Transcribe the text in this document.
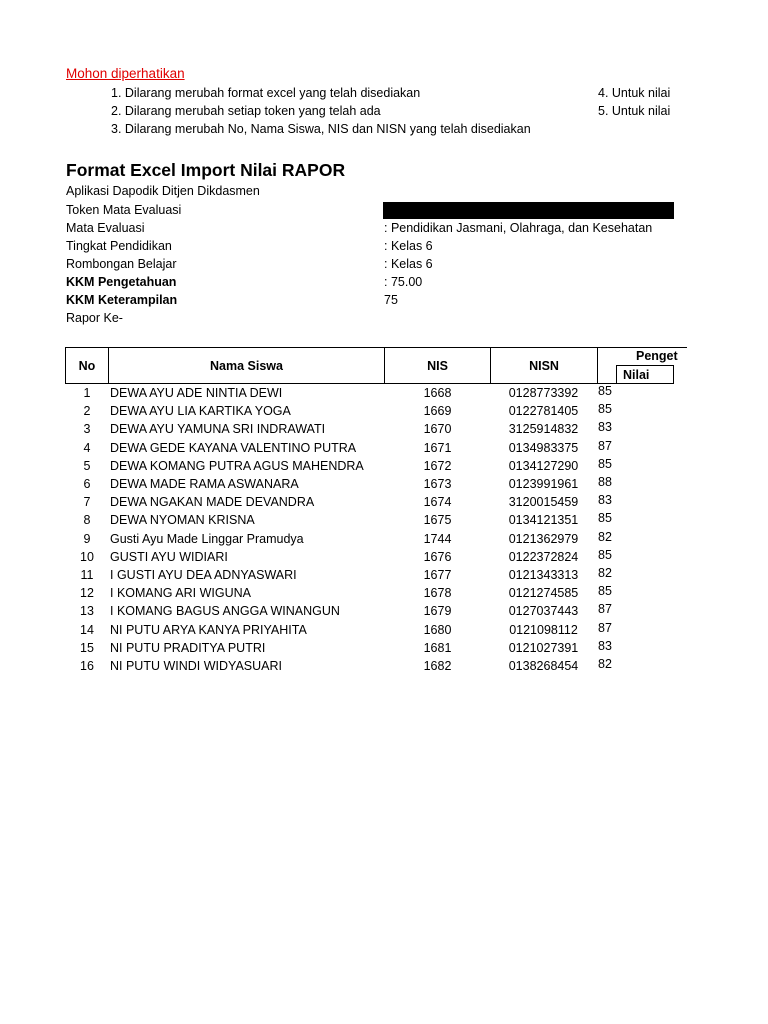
Mohon diperhatikan
1. Dilarang merubah format excel yang telah disediakan
2. Dilarang merubah setiap token yang telah ada
3. Dilarang merubah No, Nama Siswa, NIS dan NISN yang telah disediakan
4. Untuk nilai
5. Untuk nilai
Format Excel Import Nilai RAPOR
Aplikasi Dapodik Ditjen Dikdasmen
Token Mata Evaluasi
Mata Evaluasi	: Pendidikan Jasmani, Olahraga, dan Kesehatan
Tingkat Pendidikan	: Kelas 6
Rombongan Belajar	: Kelas 6
KKM Pengetahuan	: 75.00
KKM Keterampilan	75
Rapor Ke-
No	Nama Siswa	NIS	NISN
Penget
Nilai
1	DEWA AYU ADE NINTIA DEWI	1668	0128773392	85
2	DEWA AYU LIA KARTIKA YOGA	1669	0122781405	85
3	DEWA AYU YAMUNA SRI INDRAWATI	1670	3125914832	83
4	DEWA GEDE KAYANA VALENTINO PUTRA	1671	0134983375	87
5	DEWA KOMANG PUTRA AGUS MAHENDRA	1672	0134127290	85
6	DEWA MADE RAMA ASWANARA	1673	0123991961	88
7	DEWA NGAKAN MADE DEVANDRA	1674	3120015459	83
8	DEWA NYOMAN KRISNA	1675	0134121351	85
9	Gusti Ayu Made Linggar Pramudya	1744	0121362979	82
10	GUSTI AYU WIDIARI	1676	0122372824	85
11	I GUSTI AYU DEA ADNYASWARI	1677	0121343313	82
12	I KOMANG ARI WIGUNA	1678	0121274585	85
13	I KOMANG BAGUS ANGGA WINANGUN	1679	0127037443	87
14	NI PUTU ARYA KANYA PRIYAHITA	1680	0121098112	87
15	NI PUTU PRADITYA PUTRI	1681	0121027391	83
16	NI PUTU WINDI WIDYASUARI	1682	0138268454	82
